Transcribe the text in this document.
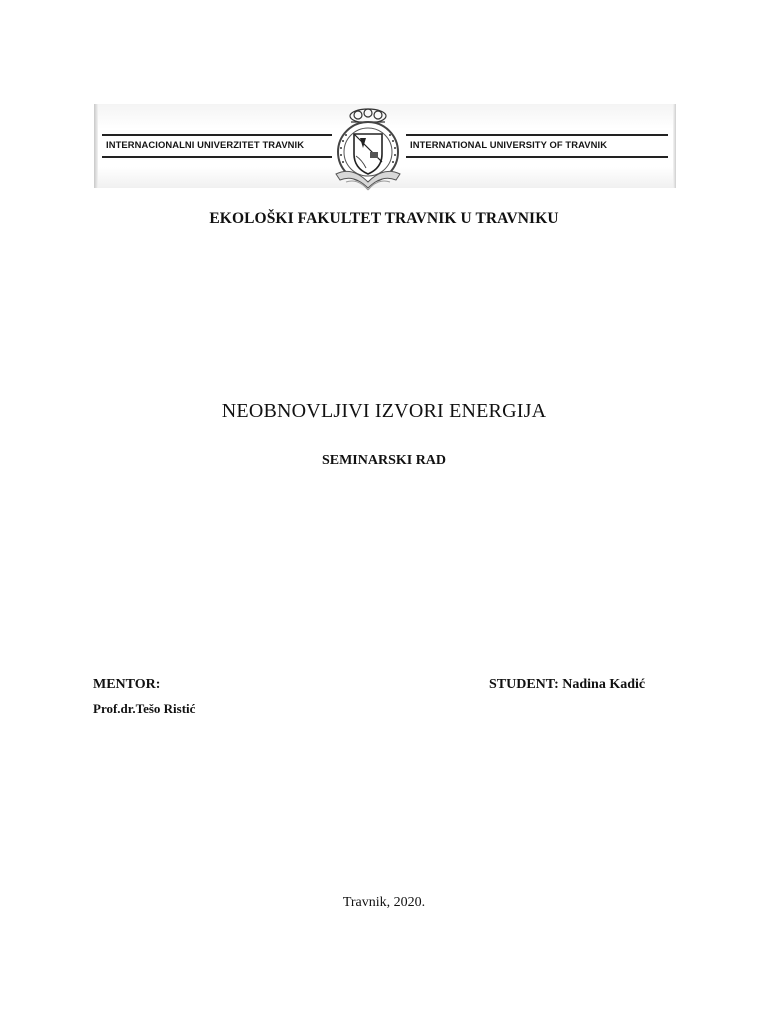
INTERNACIONALNI UNIVERZITET TRAVNIK	INTERNATIONAL UNIVERSITY OF TRAVNIK
EKOLOŠKI FAKULTET TRAVNIK U TRAVNIKU
NEOBNOVLJIVI IZVORI ENERGIJA
SEMINARSKI RAD
MENTOR:
Prof.dr.Tešo Ristić
STUDENT: Nadina Kadić
Travnik, 2020.
